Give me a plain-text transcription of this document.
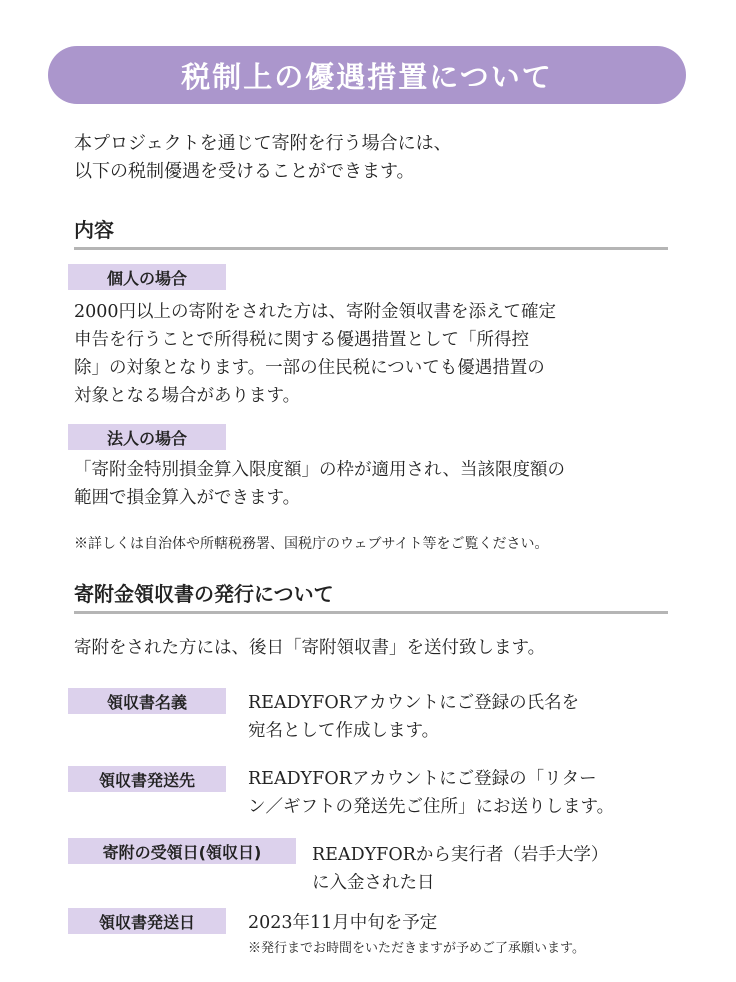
税制上の優遇措置について
本プロジェクトを通じて寄附を行う場合には、
以下の税制優遇を受けることができます。
内容
個人の場合
2000円以上の寄附をされた方は、寄附金領収書を添えて確定
申告を行うことで所得税に関する優遇措置として「所得控
除」の対象となります。一部の住民税についても優遇措置の
対象となる場合があります。
法人の場合
「寄附金特別損金算入限度額」の枠が適用され、当該限度額の
範囲で損金算入ができます。
※詳しくは自治体や所轄税務署、国税庁のウェブサイト等をご覧ください。
寄附金領収書の発行について
寄附をされた方には、後日「寄附領収書」を送付致します。
領収書名義	READYFORアカウントにご登録の氏名を
宛名として作成します。
領収書発送先	READYFORアカウントにご登録の「リター
ン／ギフトの発送先ご住所」にお送りします。
寄附の受領日(領収日)	READYFORから実行者（岩手大学）
に入金された日
領収書発送日	2023年11月中旬を予定
※発行までお時間をいただきますが予めご了承願います。
